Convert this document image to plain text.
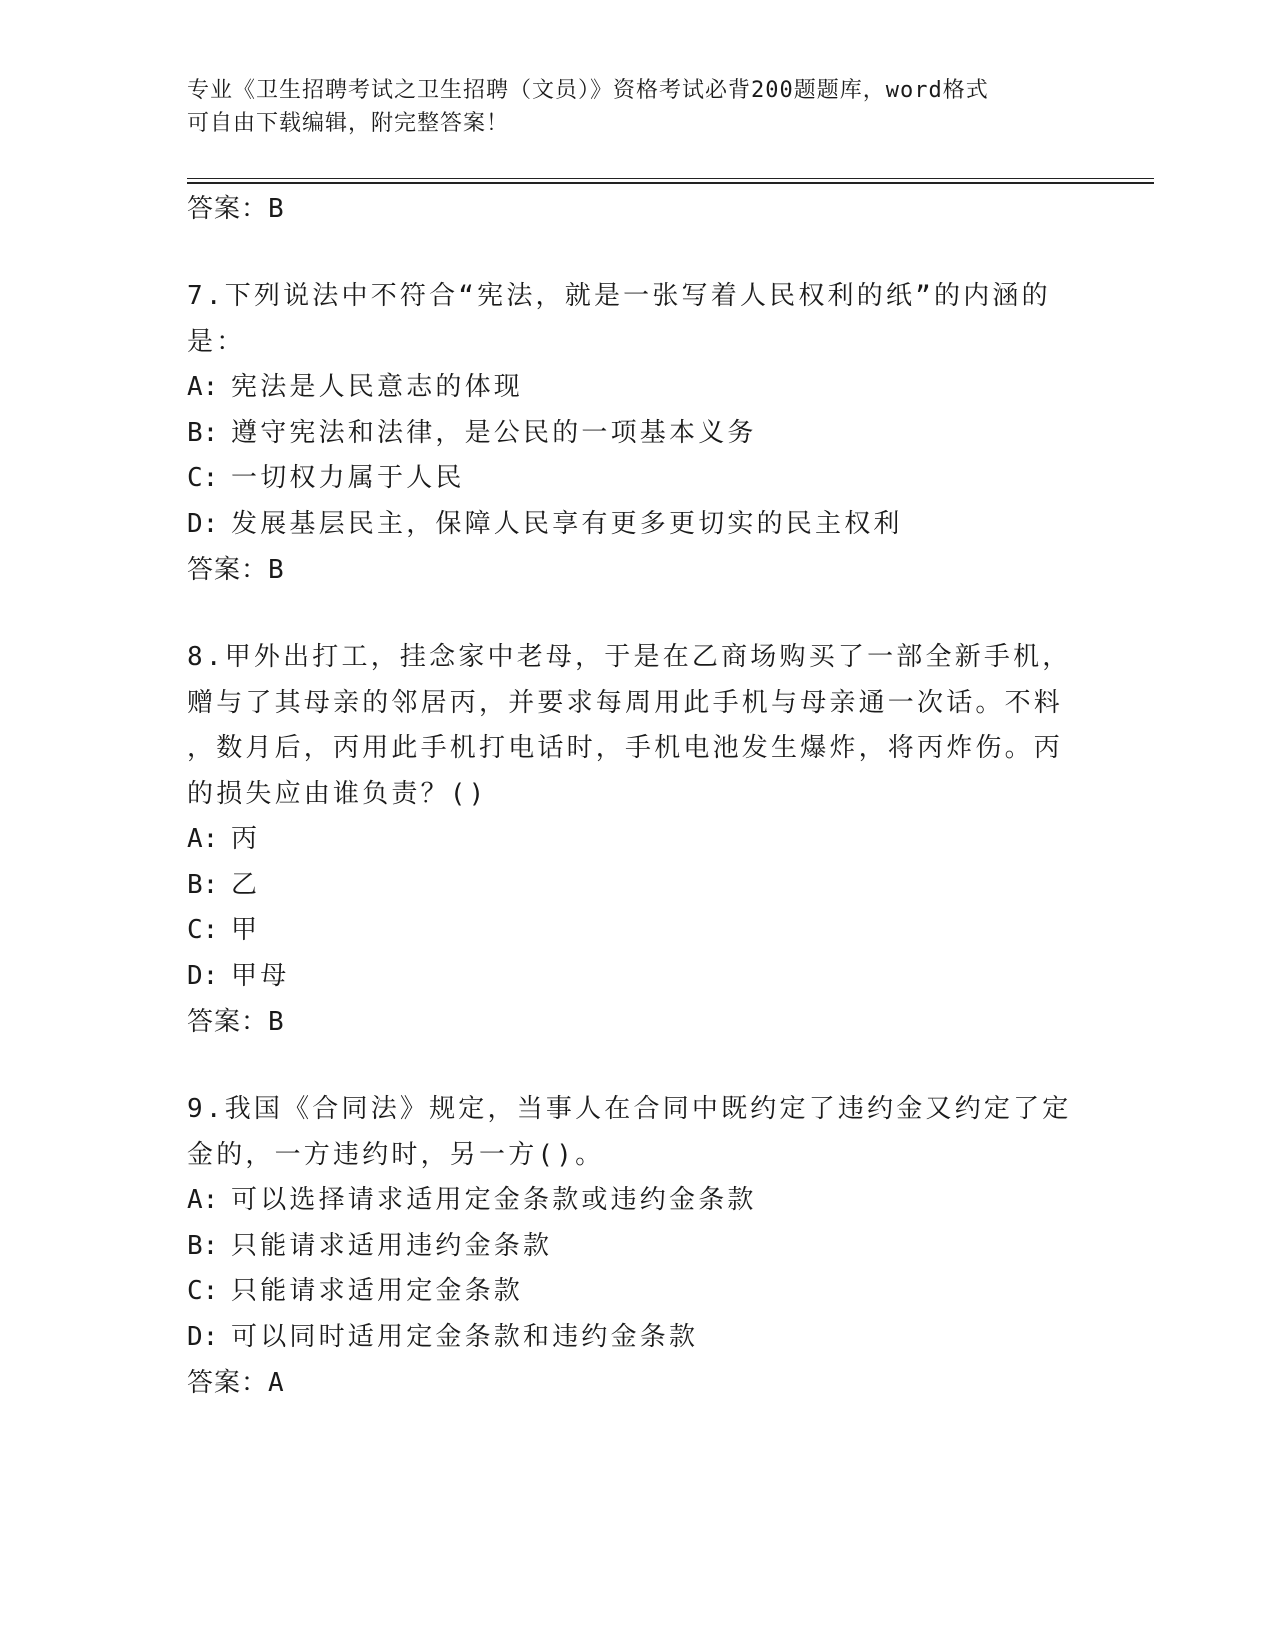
专业《卫生招聘考试之卫生招聘（文员）》资格考试必背200题题库，word格式
可自由下载编辑，附完整答案！
答案：B
7.下列说法中不符合“宪法，就是一张写着人民权利的纸”的内涵的
是：
A: 宪法是人民意志的体现
B: 遵守宪法和法律，是公民的一项基本义务
C: 一切权力属于人民
D: 发展基层民主，保障人民享有更多更切实的民主权利
答案：B
8.甲外出打工，挂念家中老母，于是在乙商场购买了一部全新手机，
赠与了其母亲的邻居丙，并要求每周用此手机与母亲通一次话。不料
，数月后，丙用此手机打电话时，手机电池发生爆炸，将丙炸伤。丙
的损失应由谁负责？()
A: 丙
B: 乙
C: 甲
D: 甲母
答案：B
9.我国《合同法》规定，当事人在合同中既约定了违约金又约定了定
金的，一方违约时，另一方()。
A: 可以选择请求适用定金条款或违约金条款
B: 只能请求适用违约金条款
C: 只能请求适用定金条款
D: 可以同时适用定金条款和违约金条款
答案：A
